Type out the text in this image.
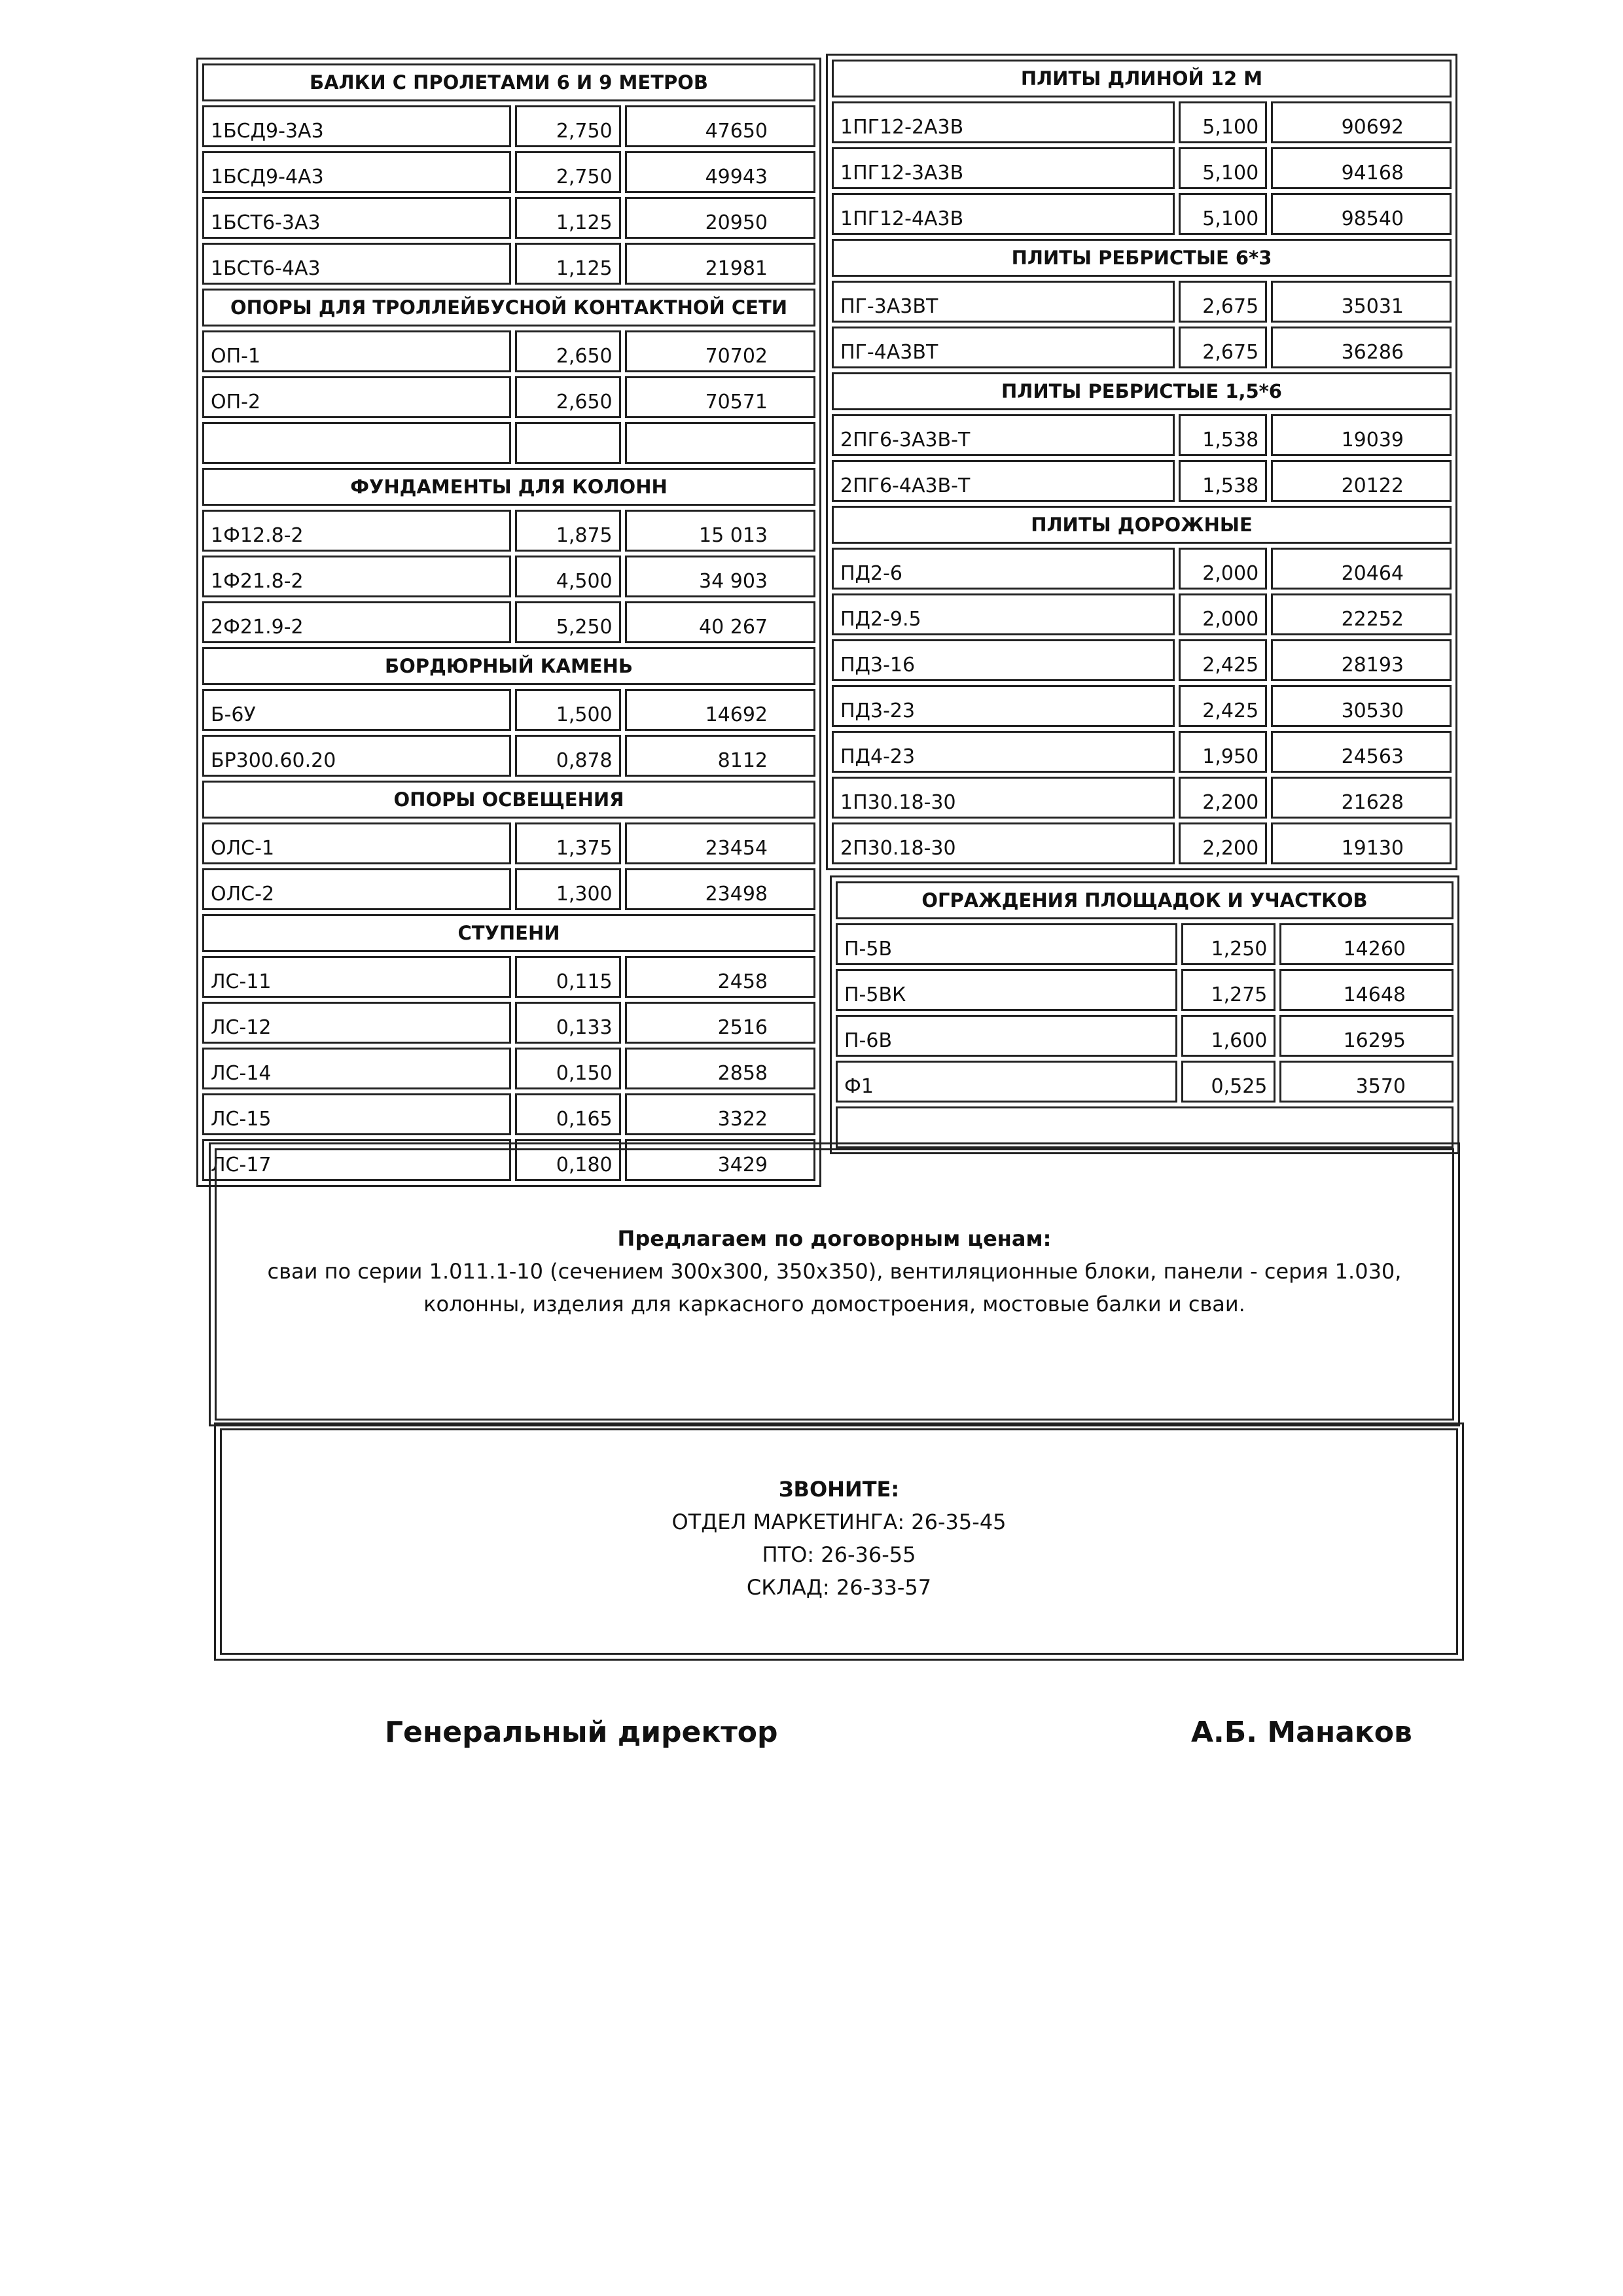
БАЛКИ С ПРОЛЕТАМИ 6 И 9 МЕТРОВ		
1БСД9-3А3	2,750	47650
1БСД9-4А3	2,750	49943
1БСТ6-3А3	1,125	20950
1БСТ6-4А3	1,125	21981
ОПОРЫ ДЛЯ ТРОЛЛЕЙБУСНОЙ КОНТАКТНОЙ СЕТИ		
ОП-1	2,650	70702
ОП-2	2,650	70571

ФУНДАМЕНТЫ ДЛЯ КОЛОНН		
1Ф12.8-2	1,875	15 013
1Ф21.8-2	4,500	34 903
2Ф21.9-2	5,250	40 267
БОРДЮРНЫЙ КАМЕНЬ		
Б-6У	1,500	14692
БР300.60.20	0,878	8112
ОПОРЫ ОСВЕЩЕНИЯ		
ОЛС-1	1,375	23454
ОЛС-2	1,300	23498
СТУПЕНИ		
ЛС-11	0,115	2458
ЛС-12	0,133	2516
ЛС-14	0,150	2858
ЛС-15	0,165	3322
ЛС-17	0,180	3429
ПЛИТЫ ДЛИНОЙ 12 М		
1ПГ12-2А3В	5,100	90692
1ПГ12-3А3В	5,100	94168
1ПГ12-4А3В	5,100	98540
ПЛИТЫ РЕБРИСТЫЕ 6*3		
ПГ-3А3ВТ	2,675	35031
ПГ-4А3ВТ	2,675	36286
ПЛИТЫ РЕБРИСТЫЕ 1,5*6		
2ПГ6-3А3В-Т	1,538	19039
2ПГ6-4А3В-Т	1,538	20122
ПЛИТЫ ДОРОЖНЫЕ		
ПД2-6	2,000	20464
ПД2-9.5	2,000	22252
ПД3-16	2,425	28193
ПД3-23	2,425	30530
ПД4-23	1,950	24563
1П30.18-30	2,200	21628
2П30.18-30	2,200	19130
ОГРАЖДЕНИЯ ПЛОЩАДОК И УЧАСТКОВ		
П-5В	1,250	14260
П-5ВК	1,275	14648
П-6В	1,600	16295
Ф1	0,525	3570

Предлагаем по договорным ценам:
сваи по серии 1.011.1-10 (сечением 300х300, 350х350), вентиляционные блоки, панели - серия 1.030,
колонны, изделия для каркасного домостроения, мостовые балки и сваи.
ЗВОНИТЕ:
ОТДЕЛ МАРКЕТИНГА: 26-35-45
ПТО: 26-36-55
СКЛАД: 26-33-57
Генеральный директор	А.Б. Манаков
